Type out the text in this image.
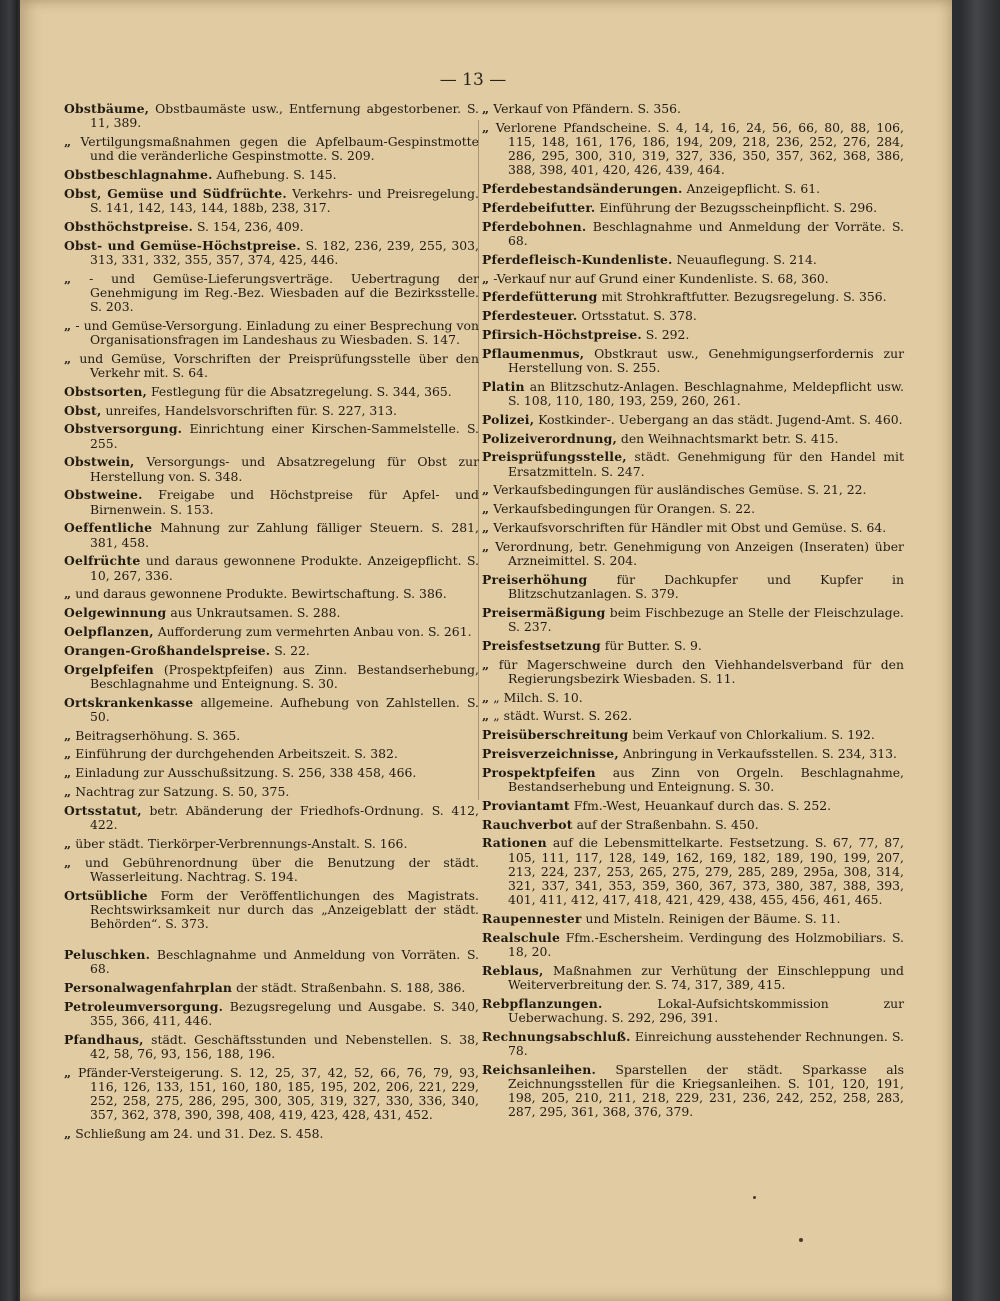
— 13 —
Obstbäume, Obstbaumäste usw., Entfernung abgestorbener. S. 11, 389.
„ Vertilgungsmaßnahmen gegen die Apfelbaum-Gespinstmotte und die veränderliche Gespinstmotte. S. 209.
Obstbeschlagnahme. Aufhebung. S. 145.
Obst, Gemüse und Südfrüchte. Verkehrs- und Preisregelung. S. 141, 142, 143, 144, 188b, 238, 317.
Obsthöchstpreise. S. 154, 236, 409.
Obst- und Gemüse-Höchstpreise. S. 182, 236, 239, 255, 303, 313, 331, 332, 355, 357, 374, 425, 446.
„ - und Gemüse-Lieferungsverträge. Uebertragung der Genehmigung im Reg.-Bez. Wiesbaden auf die Bezirksstelle. S. 203.
„ - und Gemüse-Versorgung. Einladung zu einer Besprechung von Organisationsfragen im Landeshaus zu Wiesbaden. S. 147.
„ und Gemüse, Vorschriften der Preisprüfungsstelle über den Verkehr mit. S. 64.
Obstsorten, Festlegung für die Absatzregelung. S. 344, 365.
Obst, unreifes, Handelsvorschriften für. S. 227, 313.
Obstversorgung. Einrichtung einer Kirschen-Sammelstelle. S. 255.
Obstwein, Versorgungs- und Absatzregelung für Obst zur Herstellung von. S. 348.
Obstweine. Freigabe und Höchstpreise für Apfel- und Birnenwein. S. 153.
Oeffentliche Mahnung zur Zahlung fälliger Steuern. S. 281, 381, 458.
Oelfrüchte und daraus gewonnene Produkte. Anzeigepflicht. S. 10, 267, 336.
„ und daraus gewonnene Produkte. Bewirtschaftung. S. 386.
Oelgewinnung aus Unkrautsamen. S. 288.
Oelpflanzen, Aufforderung zum vermehrten Anbau von. S. 261.
Orangen-Großhandelspreise. S. 22.
Orgelpfeifen (Prospektpfeifen) aus Zinn. Bestandserhebung, Beschlagnahme und Enteignung. S. 30.
Ortskrankenkasse allgemeine. Aufhebung von Zahlstellen. S. 50.
„ Beitragserhöhung. S. 365.
„ Einführung der durchgehenden Arbeitszeit. S. 382.
„ Einladung zur Ausschußsitzung. S. 256, 338 458, 466.
„ Nachtrag zur Satzung. S. 50, 375.
Ortsstatut, betr. Abänderung der Friedhofs-Ordnung. S. 412, 422.
„ über städt. Tierkörper-Verbrennungs-Anstalt. S. 166.
„ und Gebührenordnung über die Benutzung der städt. Wasserleitung. Nachtrag. S. 194.
Ortsübliche Form der Veröffentlichungen des Magistrats. Rechtswirksamkeit nur durch das „Anzeigeblatt der städt. Behörden“. S. 373.
Peluschken. Beschlagnahme und Anmeldung von Vorräten. S. 68.
Personalwagenfahrplan der städt. Straßenbahn. S. 188, 386.
Petroleumversorgung. Bezugsregelung und Ausgabe. S. 340, 355, 366, 411, 446.
Pfandhaus, städt. Geschäftsstunden und Nebenstellen. S. 38, 42, 58, 76, 93, 156, 188, 196.
„ Pfänder-Versteigerung. S. 12, 25, 37, 42, 52, 66, 76, 79, 93, 116, 126, 133, 151, 160, 180, 185, 195, 202, 206, 221, 229, 252, 258, 275, 286, 295, 300, 305, 319, 327, 330, 336, 340, 357, 362, 378, 390, 398, 408, 419, 423, 428, 431, 452.
„ Schließung am 24. und 31. Dez. S. 458.
„ Verkauf von Pfändern. S. 356.
„ Verlorene Pfandscheine. S. 4, 14, 16, 24, 56, 66, 80, 88, 106, 115, 148, 161, 176, 186, 194, 209, 218, 236, 252, 276, 284, 286, 295, 300, 310, 319, 327, 336, 350, 357, 362, 368, 386, 388, 398, 401, 420, 426, 439, 464.
Pferdebestandsänderungen. Anzeigepflicht. S. 61.
Pferdebeifutter. Einführung der Bezugsscheinpflicht. S. 296.
Pferdebohnen. Beschlagnahme und Anmeldung der Vorräte. S. 68.
Pferdefleisch-Kundenliste. Neuauflegung. S. 214.
„ -Verkauf nur auf Grund einer Kundenliste. S. 68, 360.
Pferdefütterung mit Strohkraftfutter. Bezugsregelung. S. 356.
Pferdesteuer. Ortsstatut. S. 378.
Pfirsich-Höchstpreise. S. 292.
Pflaumenmus, Obstkraut usw., Genehmigungserfordernis zur Herstellung von. S. 255.
Platin an Blitzschutz-Anlagen. Beschlagnahme, Meldepflicht usw. S. 108, 110, 180, 193, 259, 260, 261.
Polizei, Kostkinder-. Uebergang an das städt. Jugend-Amt. S. 460.
Polizeiverordnung, den Weihnachtsmarkt betr. S. 415.
Preisprüfungsstelle, städt. Genehmigung für den Handel mit Ersatzmitteln. S. 247.
„ Verkaufsbedingungen für ausländisches Gemüse. S. 21, 22.
„ Verkaufsbedingungen für Orangen. S. 22.
„ Verkaufsvorschriften für Händler mit Obst und Gemüse. S. 64.
„ Verordnung, betr. Genehmigung von Anzeigen (Inseraten) über Arzneimittel. S. 204.
Preiserhöhung für Dachkupfer und Kupfer in Blitzschutzanlagen. S. 379.
Preisermäßigung beim Fischbezuge an Stelle der Fleischzulage. S. 237.
Preisfestsetzung für Butter. S. 9.
„ für Magerschweine durch den Viehhandelsverband für den Regierungsbezirk Wiesbaden. S. 11.
„ „ Milch. S. 10.
„ „ städt. Wurst. S. 262.
Preisüberschreitung beim Verkauf von Chlorkalium. S. 192.
Preisverzeichnisse, Anbringung in Verkaufsstellen. S. 234, 313.
Prospektpfeifen aus Zinn von Orgeln. Beschlagnahme, Bestandserhebung und Enteignung. S. 30.
Proviantamt Ffm.-West, Heuankauf durch das. S. 252.
Rauchverbot auf der Straßenbahn. S. 450.
Rationen auf die Lebensmittelkarte. Festsetzung. S. 67, 77, 87, 105, 111, 117, 128, 149, 162, 169, 182, 189, 190, 199, 207, 213, 224, 237, 253, 265, 275, 279, 285, 289, 295a, 308, 314, 321, 337, 341, 353, 359, 360, 367, 373, 380, 387, 388, 393, 401, 411, 412, 417, 418, 421, 429, 438, 455, 456, 461, 465.
Raupennester und Misteln. Reinigen der Bäume. S. 11.
Realschule Ffm.-Eschersheim. Verdingung des Holzmobiliars. S. 18, 20.
Reblaus, Maßnahmen zur Verhütung der Einschleppung und Weiterverbreitung der. S. 74, 317, 389, 415.
Rebpflanzungen.	Lokal-Aufsichtskommission zur Ueberwachung. S. 292, 296, 391.
Rechnungsabschluß. Einreichung ausstehender Rechnungen. S. 78.
Reichsanleihen. Sparstellen der städt. Sparkasse als Zeichnungsstellen für die Kriegsanleihen. S. 101, 120, 191, 198, 205, 210, 211, 218, 229, 231, 236, 242, 252, 258, 283, 287, 295, 361, 368, 376, 379.
